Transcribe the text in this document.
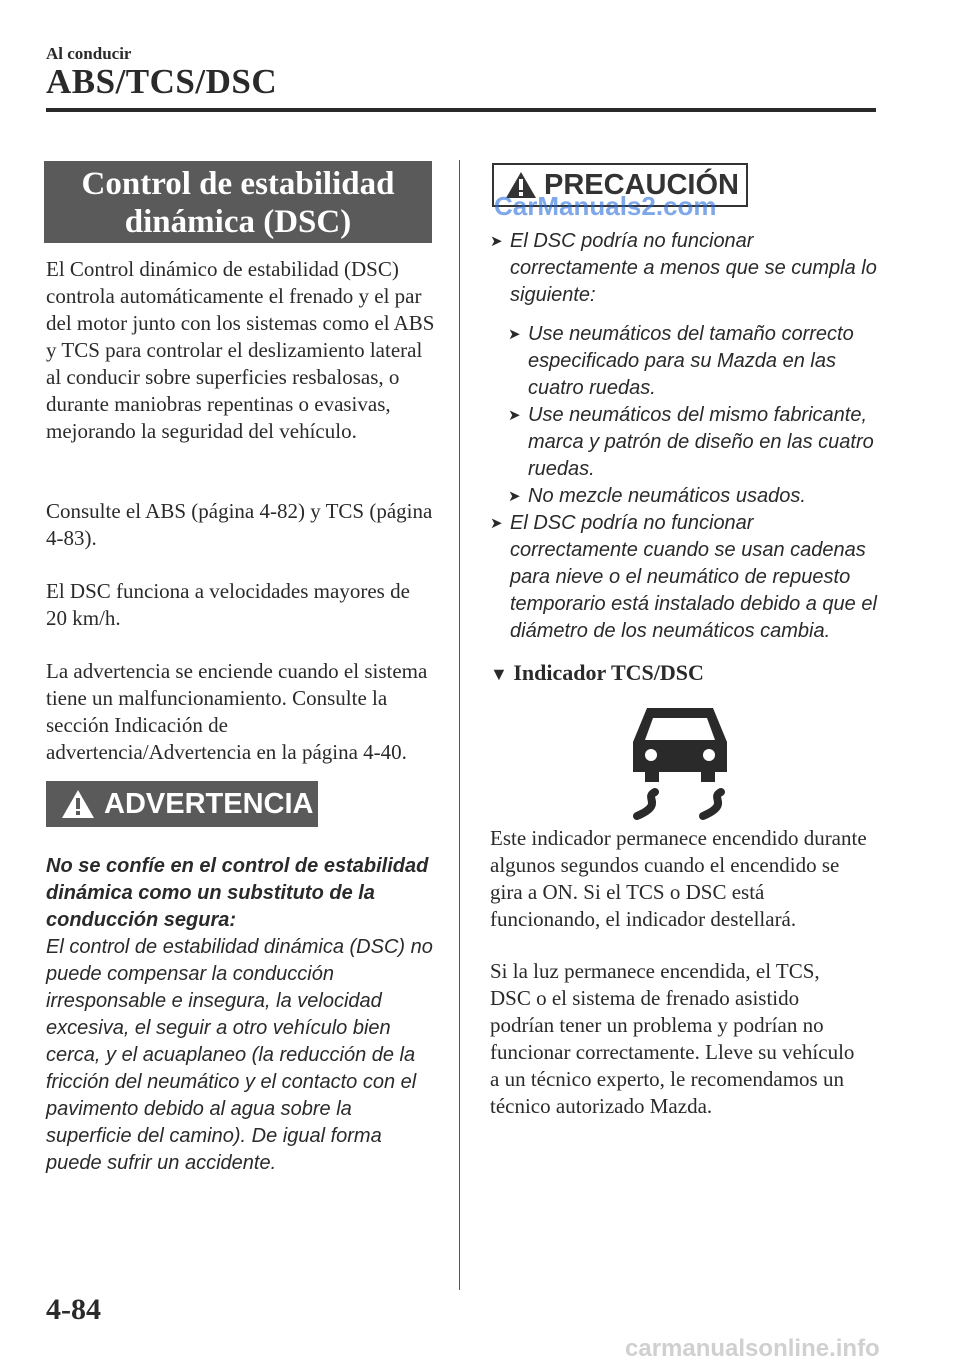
Al conducir
ABS/TCS/DSC
Control de estabilidad
dinámica (DSC)
El Control dinámico de estabilidad (DSC) controla automáticamente el frenado y el par del motor junto con los sistemas como el ABS y TCS para controlar el deslizamiento lateral al conducir sobre superficies resbalosas, o durante maniobras repentinas o evasivas, mejorando la seguridad del vehículo.
Consulte el ABS (página 4-82) y TCS (página 4-83).
El DSC funciona a velocidades mayores de 20 km/h.
La advertencia se enciende cuando el sistema tiene un malfuncionamiento. Consulte la sección Indicación de advertencia/Advertencia en la página 4-40.
ADVERTENCIA
No se confíe en el control de estabilidad dinámica como un substituto de la conducción segura:
El control de estabilidad dinámica (DSC) no puede compensar la conducción irresponsable e insegura, la velocidad excesiva, el seguir a otro vehículo bien cerca, y el acuaplaneo (la reducción de la fricción del neumático y el contacto con el pavimento debido al agua sobre la superficie del camino). De igual forma puede sufrir un accidente.
PRECAUCIÓN
CarManuals2.com
➤ El DSC podría no funcionar correctamente a menos que se cumpla lo siguiente:
➤ Use neumáticos del tamaño correcto especificado para su Mazda en las cuatro ruedas.
➤ Use neumáticos del mismo fabricante, marca y patrón de diseño en las cuatro ruedas.
➤ No mezcle neumáticos usados.
➤ El DSC podría no funcionar correctamente cuando se usan cadenas para nieve o el neumático de repuesto temporario está instalado debido a que el diámetro de los neumáticos cambia.
▼ Indicador TCS/DSC
Este indicador permanece encendido durante algunos segundos cuando el encendido se gira a ON. Si el TCS o DSC está funcionando, el indicador destellará.
Si la luz permanece encendida, el TCS, DSC o el sistema de frenado asistido podrían tener un problema y podrían no funcionar correctamente. Lleve su vehículo a un técnico experto, le recomendamos un técnico autorizado Mazda.
4-84
carmanualsonline.info
